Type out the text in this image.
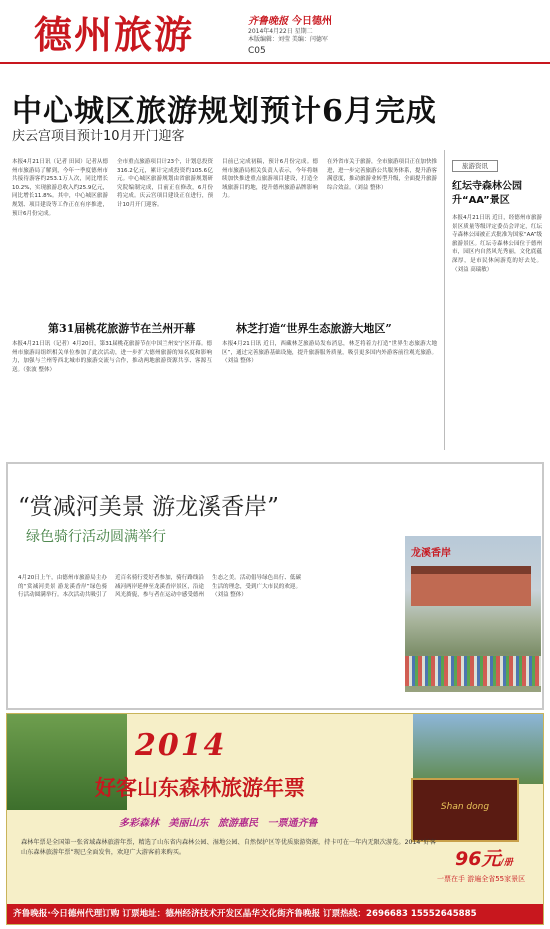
德州旅游	齐鲁晚报 今日德州
2014年4月22日 星期二
本版编辑：刘莹 美编：闫德军
C05
中心城区旅游规划预计6月完成
庆云宫项目预计10月开门迎客
本报4月21日讯（记者 田园）记者从德州市旅游局了解到，今年一季度德州市共接待游客约253.1万人次，同比增长10.2%，实现旅游总收入约25.9亿元，同比增长11.8%。其中，中心城区旅游规划、项目建设等工作正在有序推进，预计6月份完成。
全市重点旅游项目计23个，计划总投资316.2亿元，累计完成投资约105.6亿元。中心城区旅游规划由省旅游规划研究院编制完成，目前正在修改，6月份将完成。庆云宫项目建设正在进行，预计10月开门迎客。
目前已完成初稿，预计6月份完成。德州市旅游局相关负责人表示，今年将继续加快推进重点旅游项目建设，打造全域旅游目的地，提升德州旅游品牌影响力。
在外省市关于旅游，全市旅游项目正在加快推进，进一步完善旅游公共服务体系，提升游客满意度，推动旅游业转型升级，全面提升旅游综合效益。（刘益 整体）
第31届桃花旅游节在兰州开幕
本报4月21日讯（记者）4月20日，第31届桃花旅游节在中国兰州安宁区开幕。德州市旅游局组织相关单位参加了此次活动，进一步扩大德州旅游的知名度和影响力，加强与兰州等西北城市的旅游交流与合作，推动两地旅游资源共享、客源互送。（张波 整体）
林芝打造“世界生态旅游大地区”
本报4月21日讯 近日，西藏林芝旅游局发布消息，林芝将着力打造“世界生态旅游大地区”，通过完善旅游基础设施，提升旅游服务质量，吸引更多国内外游客前往观光旅游。（刘益 整体）
旅游资讯
红坛寺森林公园升“AA”景区
本报4月21日讯 近日，经德州市旅游景区质量等级评定委员会评定，红坛寺森林公园被正式批准为国家“AA”级旅游景区。红坛寺森林公园位于德州市，园区内自然风光秀丽，文化底蕴深厚，是市民休闲游览的好去处。（刘益 高瑞敏）
“赏减河美景 游龙溪香岸”
绿色骑行活动圆满举行
4月20日上午，由德州市旅游局主办的“赏减河美景 游龙溪香岸”绿色骑行活动圆满举行。本次活动共吸引了近百名骑行爱好者参加，骑行路线沿减河两岸延伸至龙溪香岸景区，沿途风光旖旎，参与者在运动中感受德州生态之美。活动倡导绿色出行、低碳生活的理念，受到广大市民的欢迎。（刘益 整体）
龙溪香岸
2014
好客山东森林旅游年票
多彩森林 美丽山东 旅游惠民 一票通齐鲁
Shan dong
森林年票是全国第一张省域森林旅游年票，精选了山东省内森林公园、湿地公园、自然保护区等优质旅游资源，持卡可在一年内无限次游览。2014“好客山东森林旅游年票”现已全面发售，欢迎广大游客前来购买。	96元/册
一票在手 游遍全省55家景区
齐鲁晚报·今日德州代理订购 订票地址：德州经济技术开发区晶华文化街齐鲁晚报 订票热线：2696683 15552645885
